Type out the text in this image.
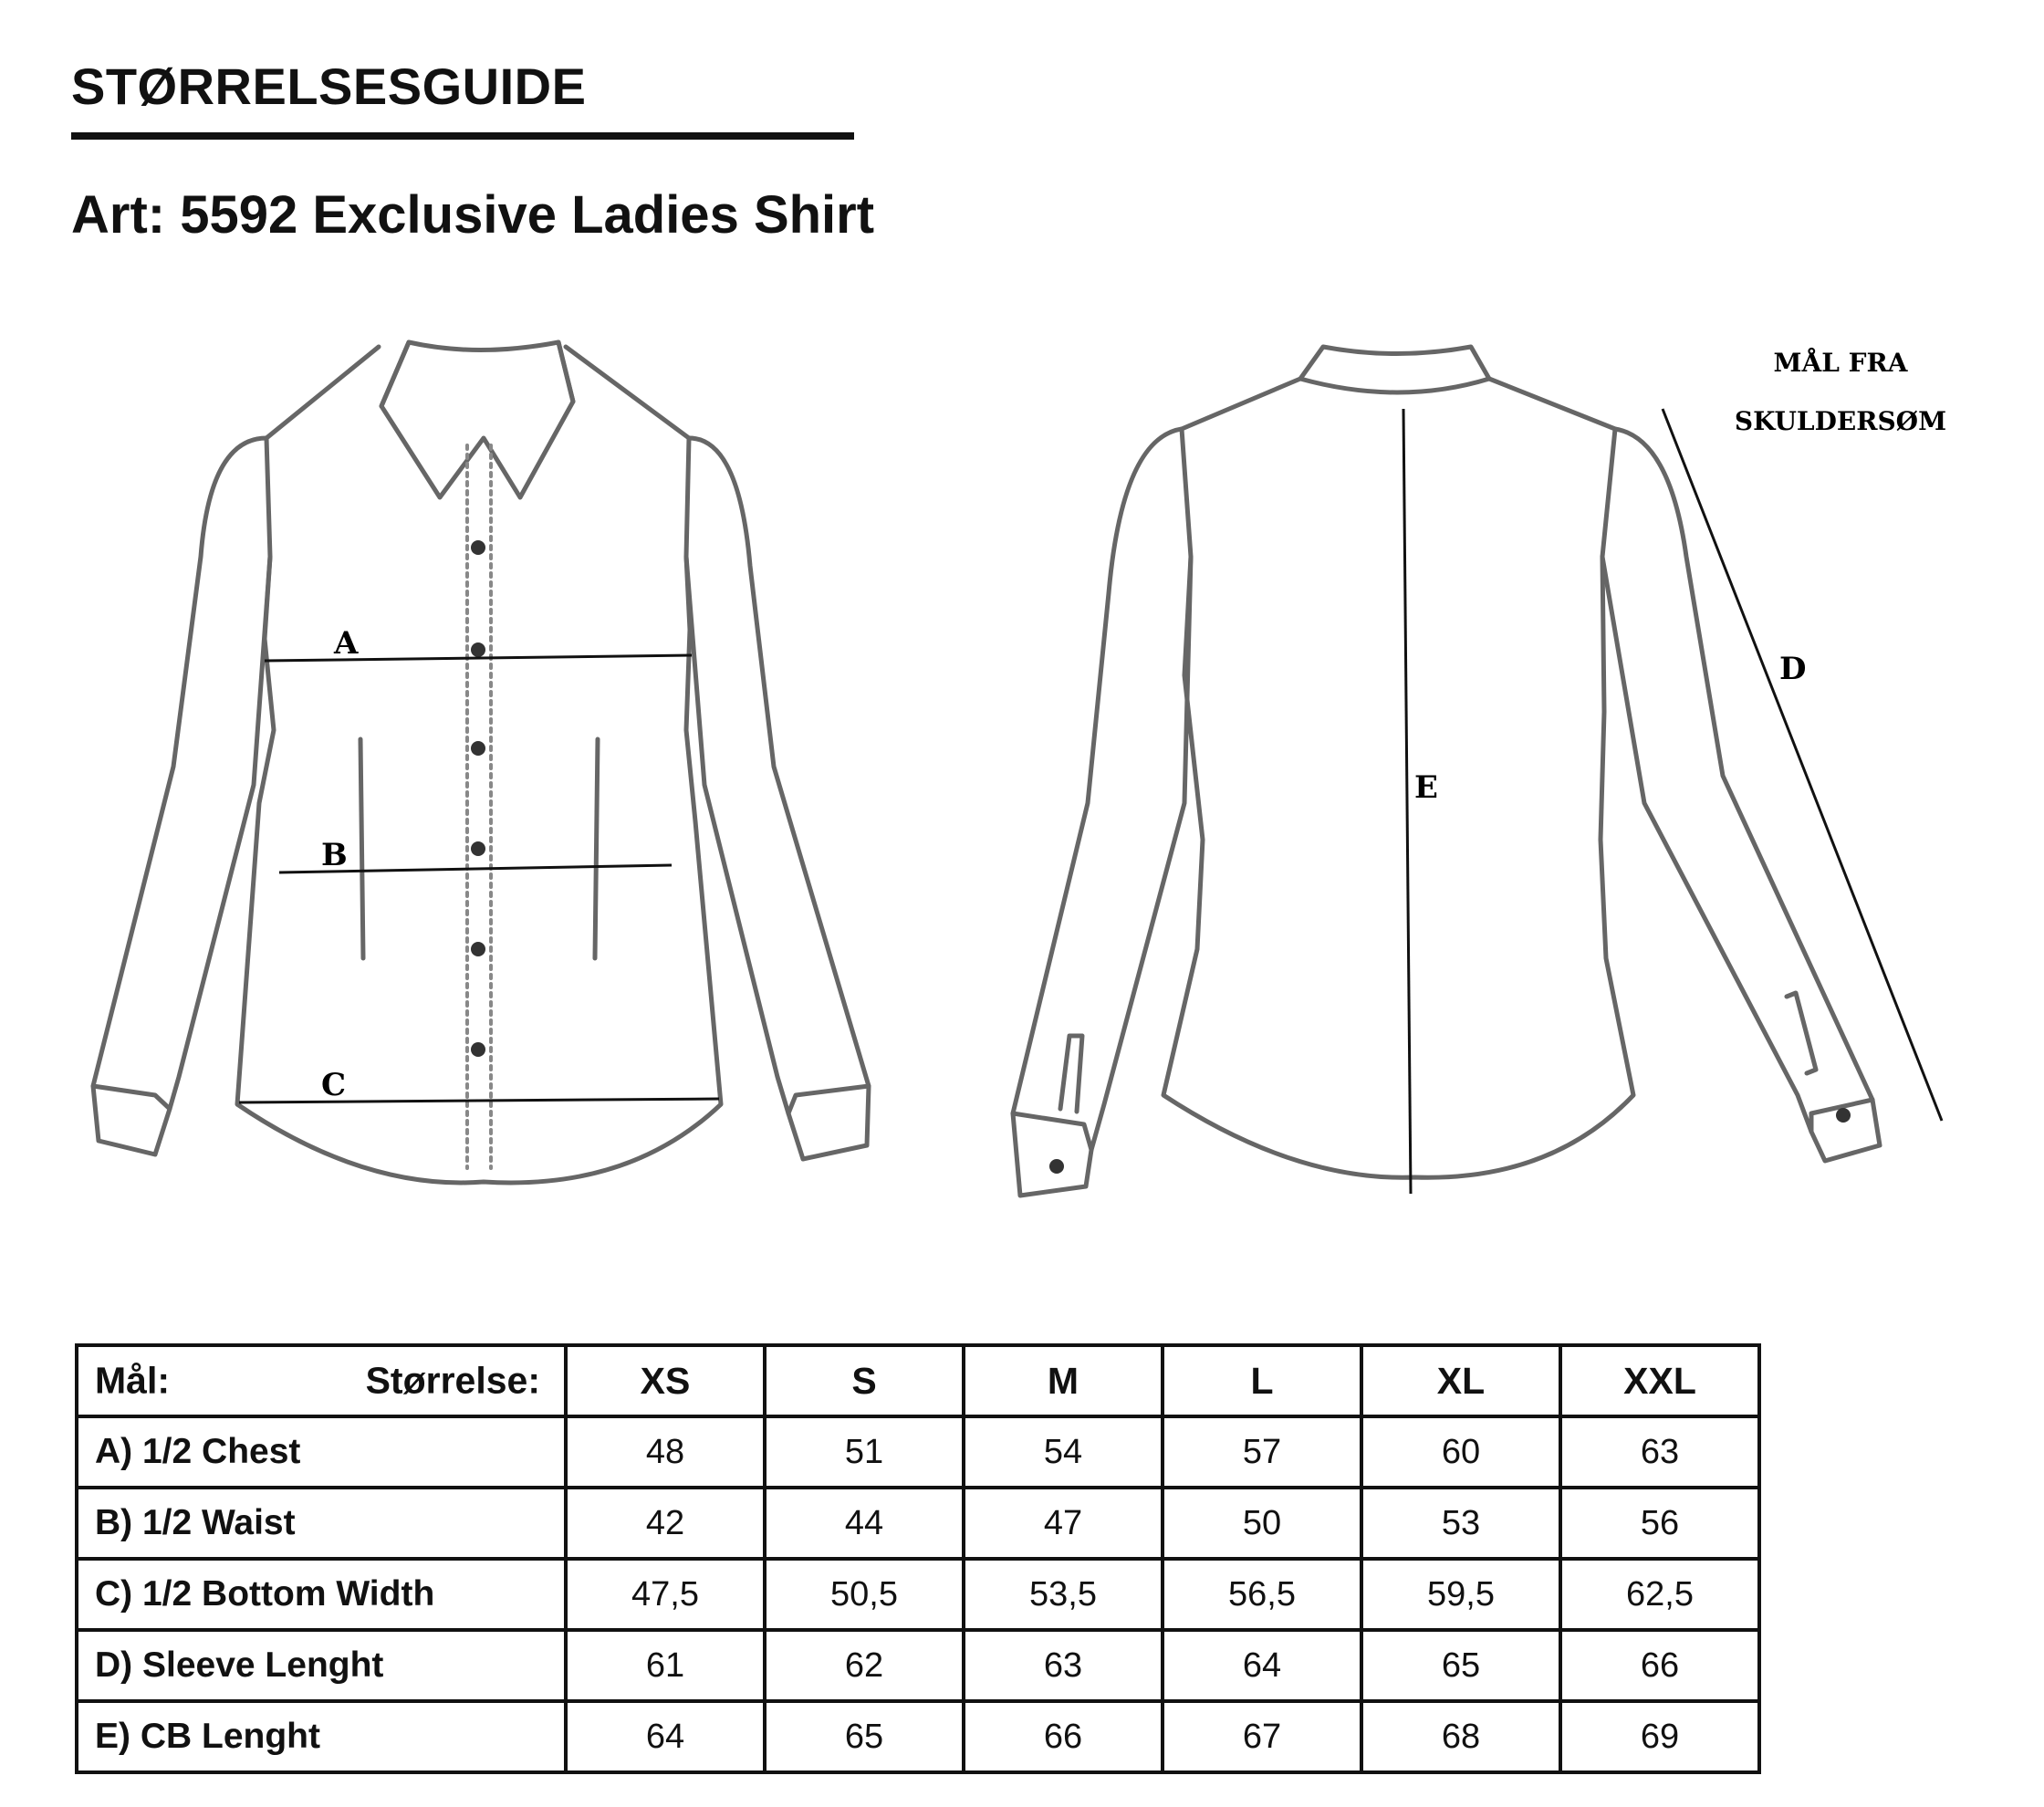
STØRRELSESGUIDE
Art: 5592 Exclusive Ladies Shirt
A
B
C
E
D
MÅL FRA
SKULDERSØM
Mål: Størrelse:	XS	S	M	L	XL	XXL
A) 1/2 Chest	48	51	54	57	60	63
B) 1/2 Waist	42	44	47	50	53	56
C) 1/2 Bottom Width	47,5	50,5	53,5	56,5	59,5	62,5
D) Sleeve Lenght	61	62	63	64	65	66
E) CB Lenght	64	65	66	67	68	69
